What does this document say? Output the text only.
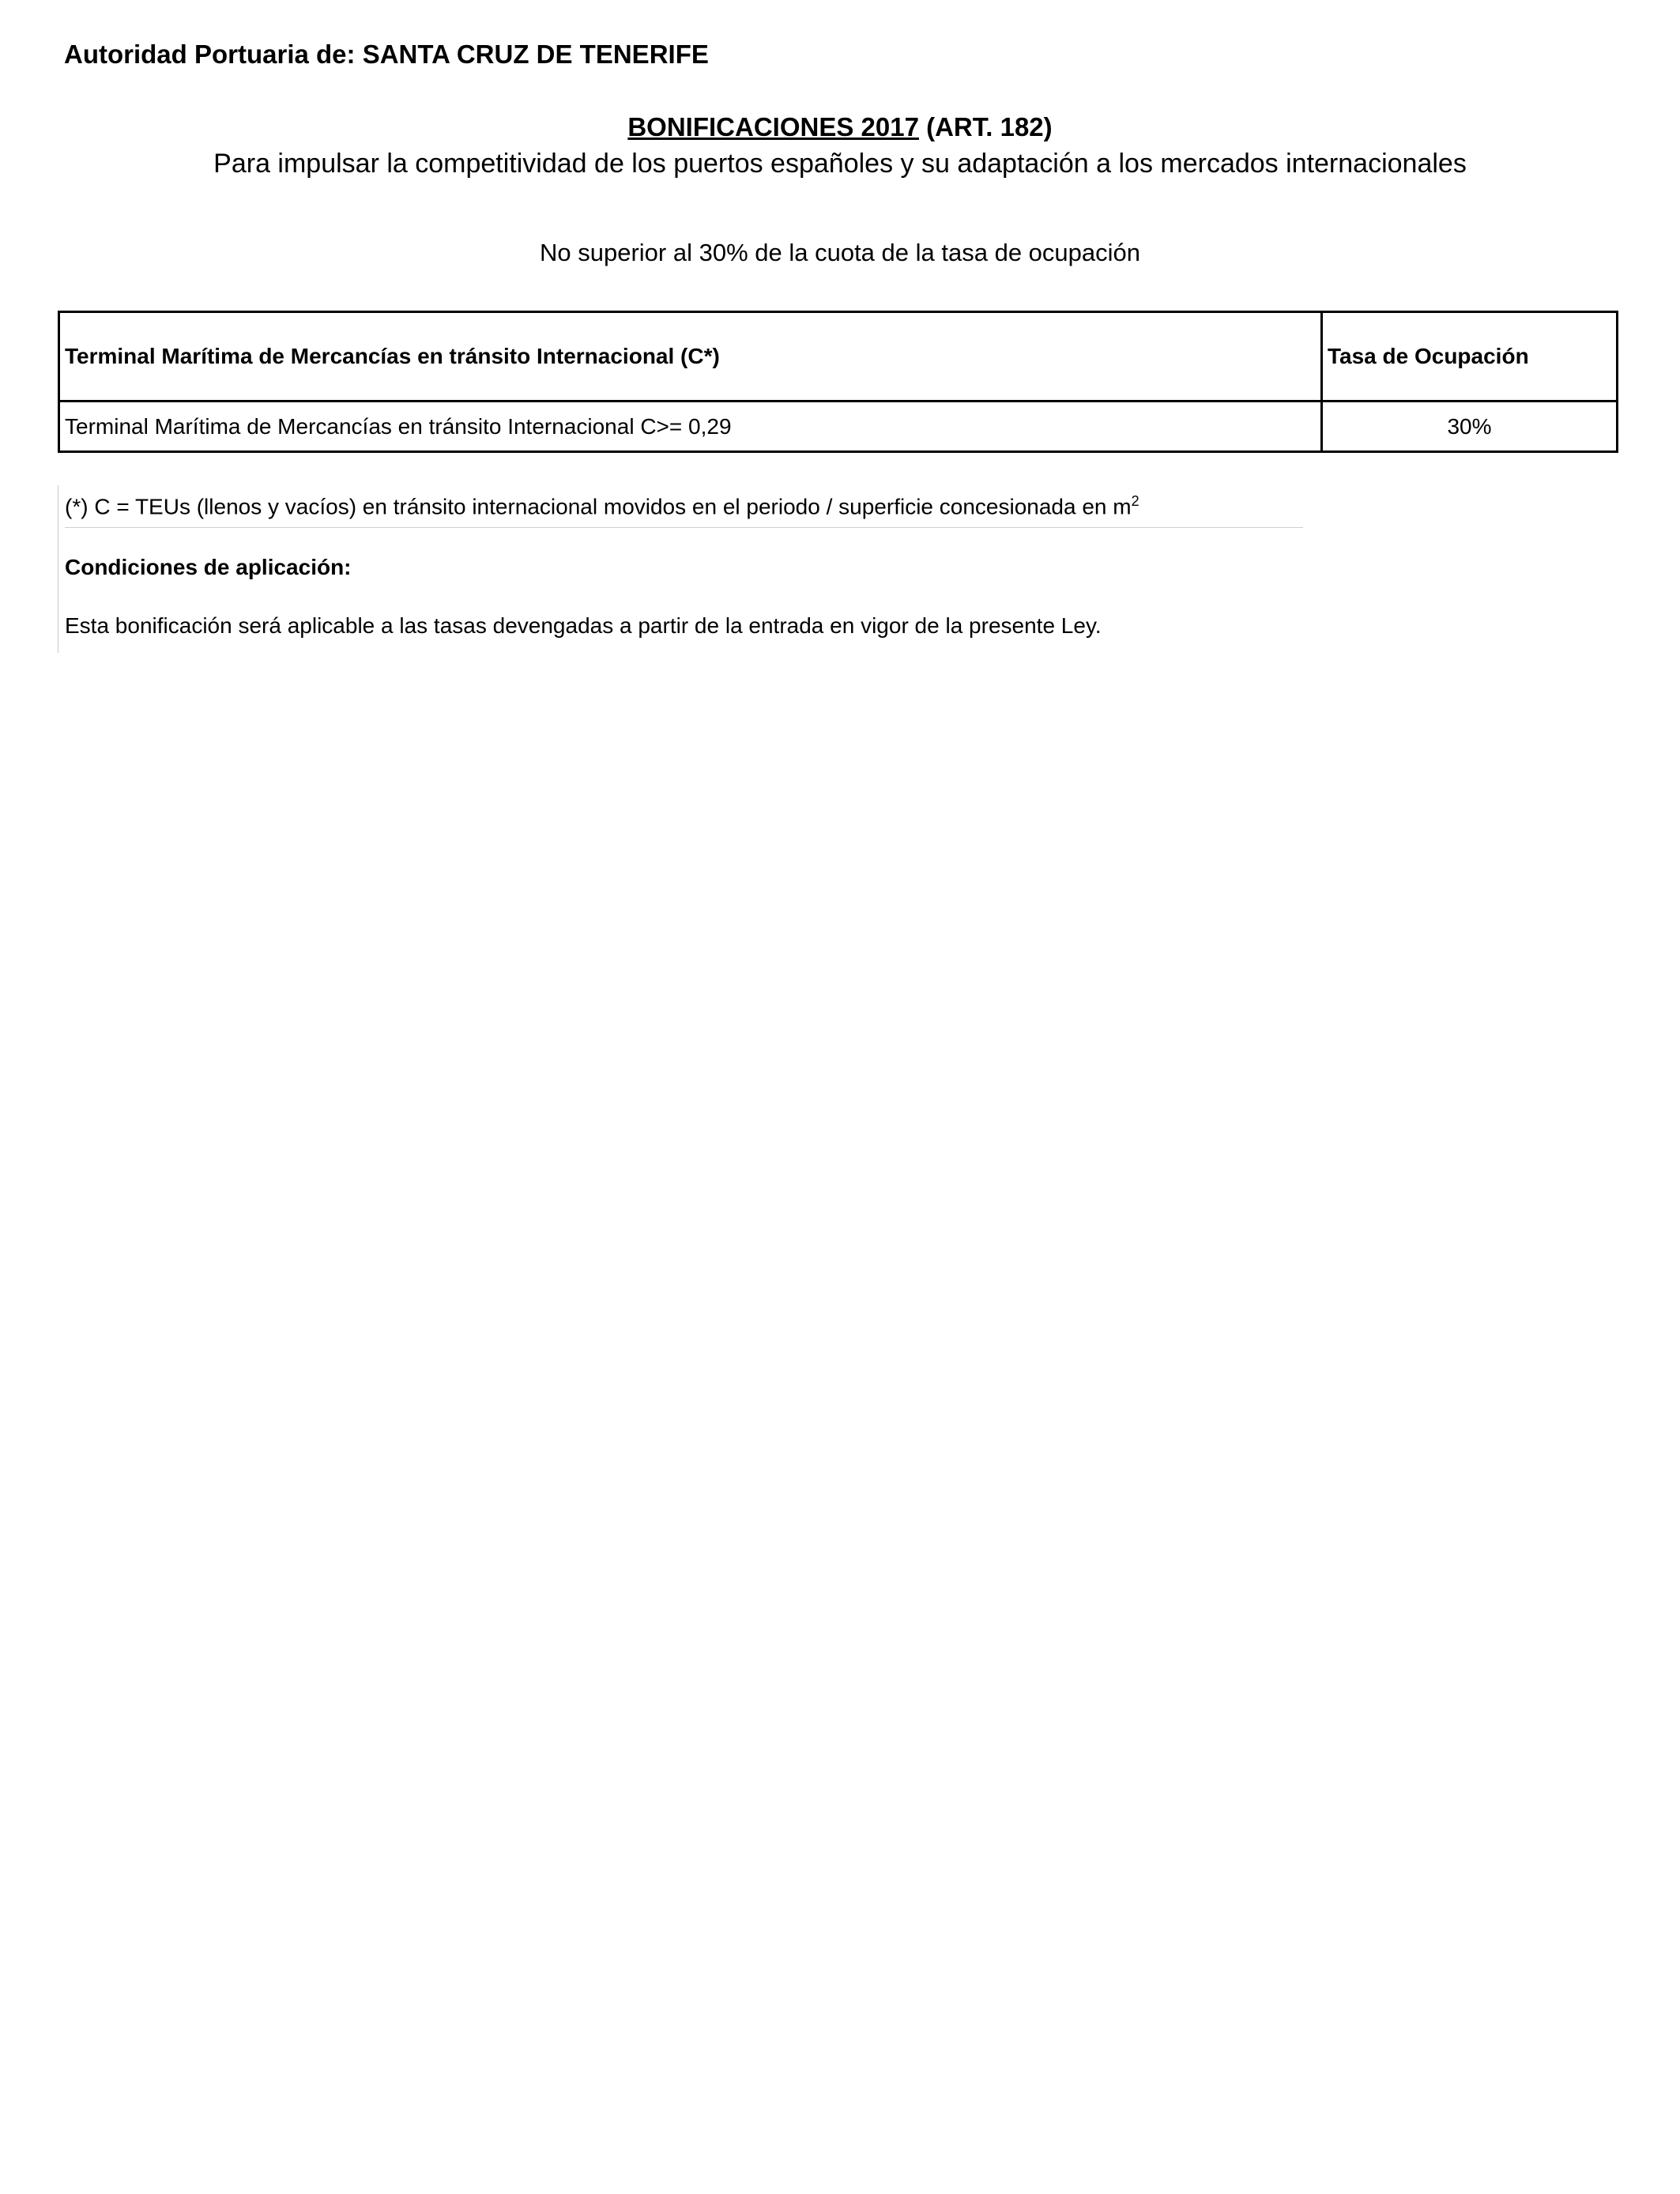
Autoridad Portuaria de: SANTA CRUZ DE TENERIFE
BONIFICACIONES 2017 (ART. 182)
Para impulsar la competitividad de los puertos españoles y su adaptación a los mercados internacionales
No superior al 30% de la cuota de la tasa de ocupación
Terminal Marítima de Mercancías en tránsito Internacional (C*)	Tasa de Ocupación
Terminal Marítima de Mercancías en tránsito Internacional C>= 0,29	30%
(*) C = TEUs (llenos y vacíos) en tránsito internacional movidos en el periodo / superficie concesionada en $m^2$
Condiciones de aplicación:
Esta bonificación será aplicable a las tasas devengadas a partir de la entrada en vigor de la presente Ley.
